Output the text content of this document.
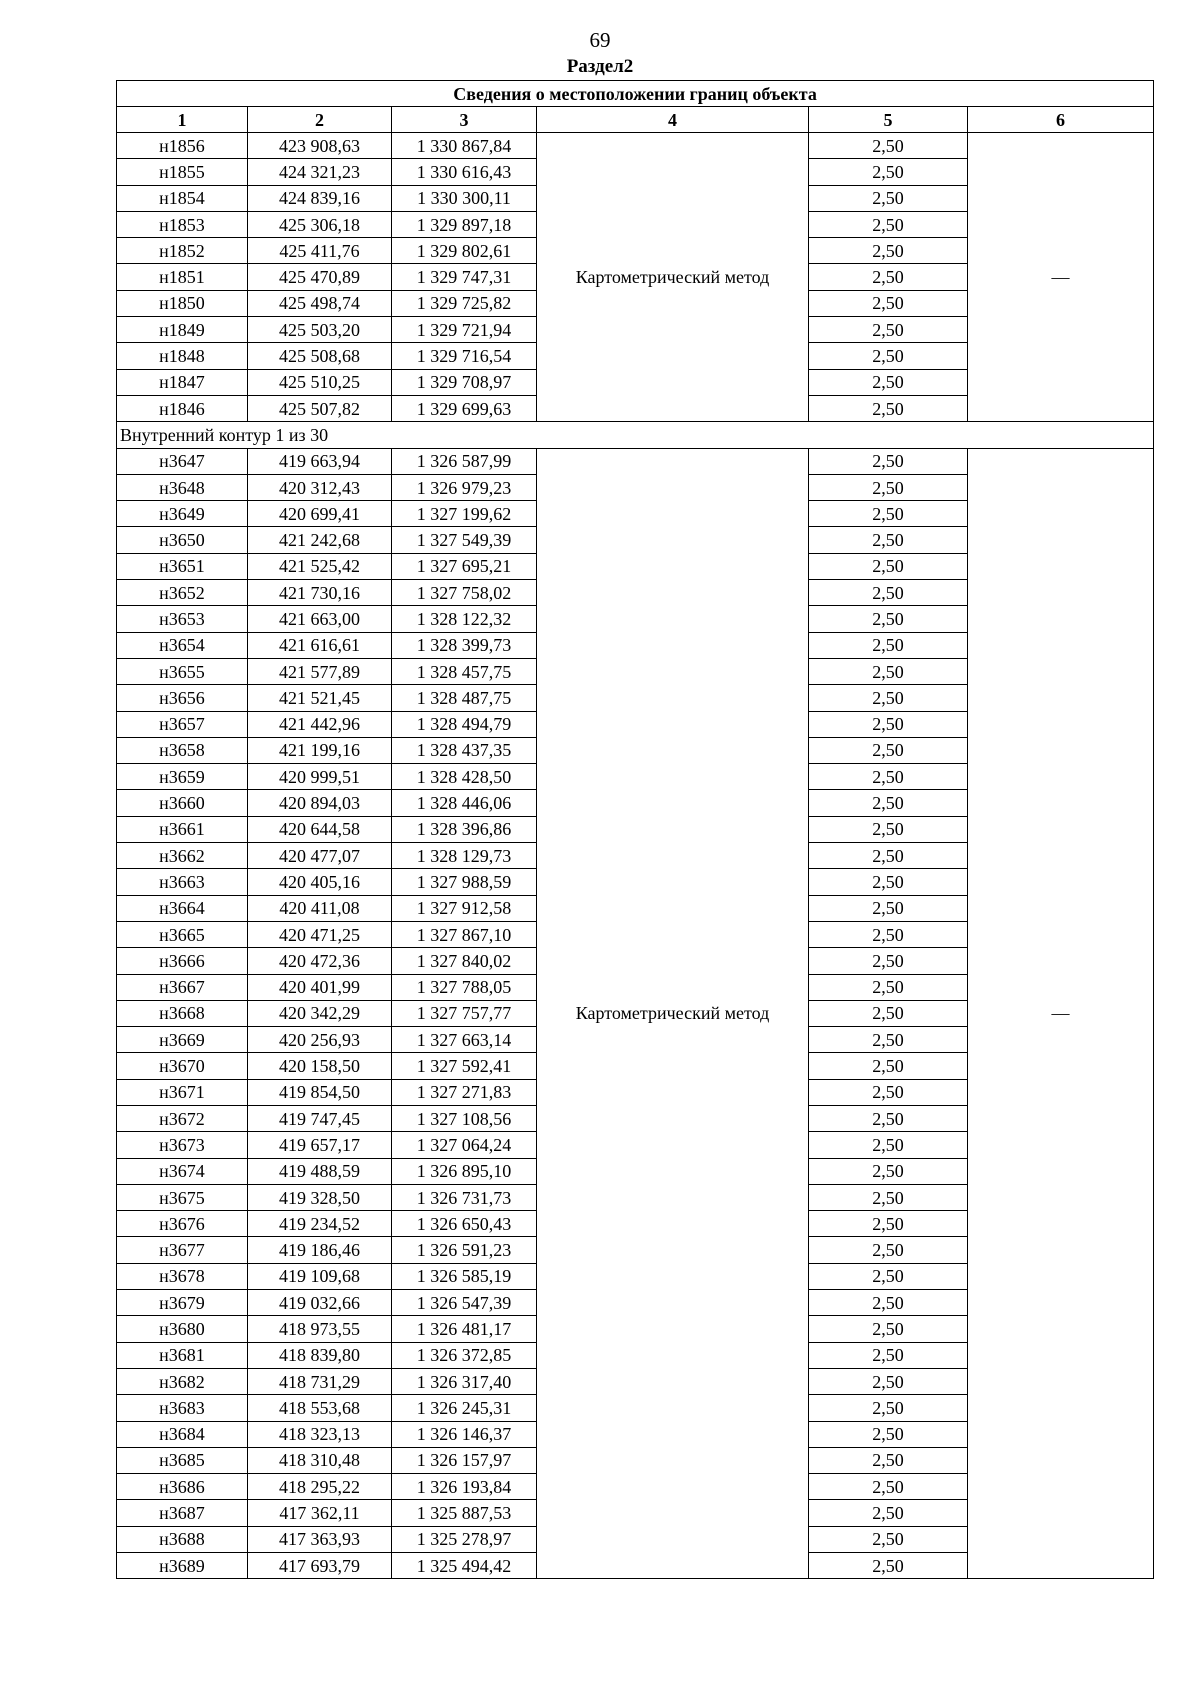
69
Раздел2
Сведения о местоположении границ объекта					
1	2	3	4	5	6
н1856	423 908,63	1 330 867,84	Картометрический метод	2,50	—
н1855	424 321,23	1 330 616,43		2,50	
н1854	424 839,16	1 330 300,11		2,50	
н1853	425 306,18	1 329 897,18		2,50	
н1852	425 411,76	1 329 802,61		2,50	
н1851	425 470,89	1 329 747,31		2,50	
н1850	425 498,74	1 329 725,82		2,50	
н1849	425 503,20	1 329 721,94		2,50	
н1848	425 508,68	1 329 716,54		2,50	
н1847	425 510,25	1 329 708,97		2,50	
н1846	425 507,82	1 329 699,63		2,50	
Внутренний контур 1 из 30					
н3647	419 663,94	1 326 587,99	Картометрический метод	2,50	—
н3648	420 312,43	1 326 979,23		2,50	
н3649	420 699,41	1 327 199,62		2,50	
н3650	421 242,68	1 327 549,39		2,50	
н3651	421 525,42	1 327 695,21		2,50	
н3652	421 730,16	1 327 758,02		2,50	
н3653	421 663,00	1 328 122,32		2,50	
н3654	421 616,61	1 328 399,73		2,50	
н3655	421 577,89	1 328 457,75		2,50	
н3656	421 521,45	1 328 487,75		2,50	
н3657	421 442,96	1 328 494,79		2,50	
н3658	421 199,16	1 328 437,35		2,50	
н3659	420 999,51	1 328 428,50		2,50	
н3660	420 894,03	1 328 446,06		2,50	
н3661	420 644,58	1 328 396,86		2,50	
н3662	420 477,07	1 328 129,73		2,50	
н3663	420 405,16	1 327 988,59		2,50	
н3664	420 411,08	1 327 912,58		2,50	
н3665	420 471,25	1 327 867,10		2,50	
н3666	420 472,36	1 327 840,02		2,50	
н3667	420 401,99	1 327 788,05		2,50	
н3668	420 342,29	1 327 757,77		2,50	
н3669	420 256,93	1 327 663,14		2,50	
н3670	420 158,50	1 327 592,41		2,50	
н3671	419 854,50	1 327 271,83		2,50	
н3672	419 747,45	1 327 108,56		2,50	
н3673	419 657,17	1 327 064,24		2,50	
н3674	419 488,59	1 326 895,10		2,50	
н3675	419 328,50	1 326 731,73		2,50	
н3676	419 234,52	1 326 650,43		2,50	
н3677	419 186,46	1 326 591,23		2,50	
н3678	419 109,68	1 326 585,19		2,50	
н3679	419 032,66	1 326 547,39		2,50	
н3680	418 973,55	1 326 481,17		2,50	
н3681	418 839,80	1 326 372,85		2,50	
н3682	418 731,29	1 326 317,40		2,50	
н3683	418 553,68	1 326 245,31		2,50	
н3684	418 323,13	1 326 146,37		2,50	
н3685	418 310,48	1 326 157,97		2,50	
н3686	418 295,22	1 326 193,84		2,50	
н3687	417 362,11	1 325 887,53		2,50	
н3688	417 363,93	1 325 278,97		2,50	
н3689	417 693,79	1 325 494,42		2,50	
